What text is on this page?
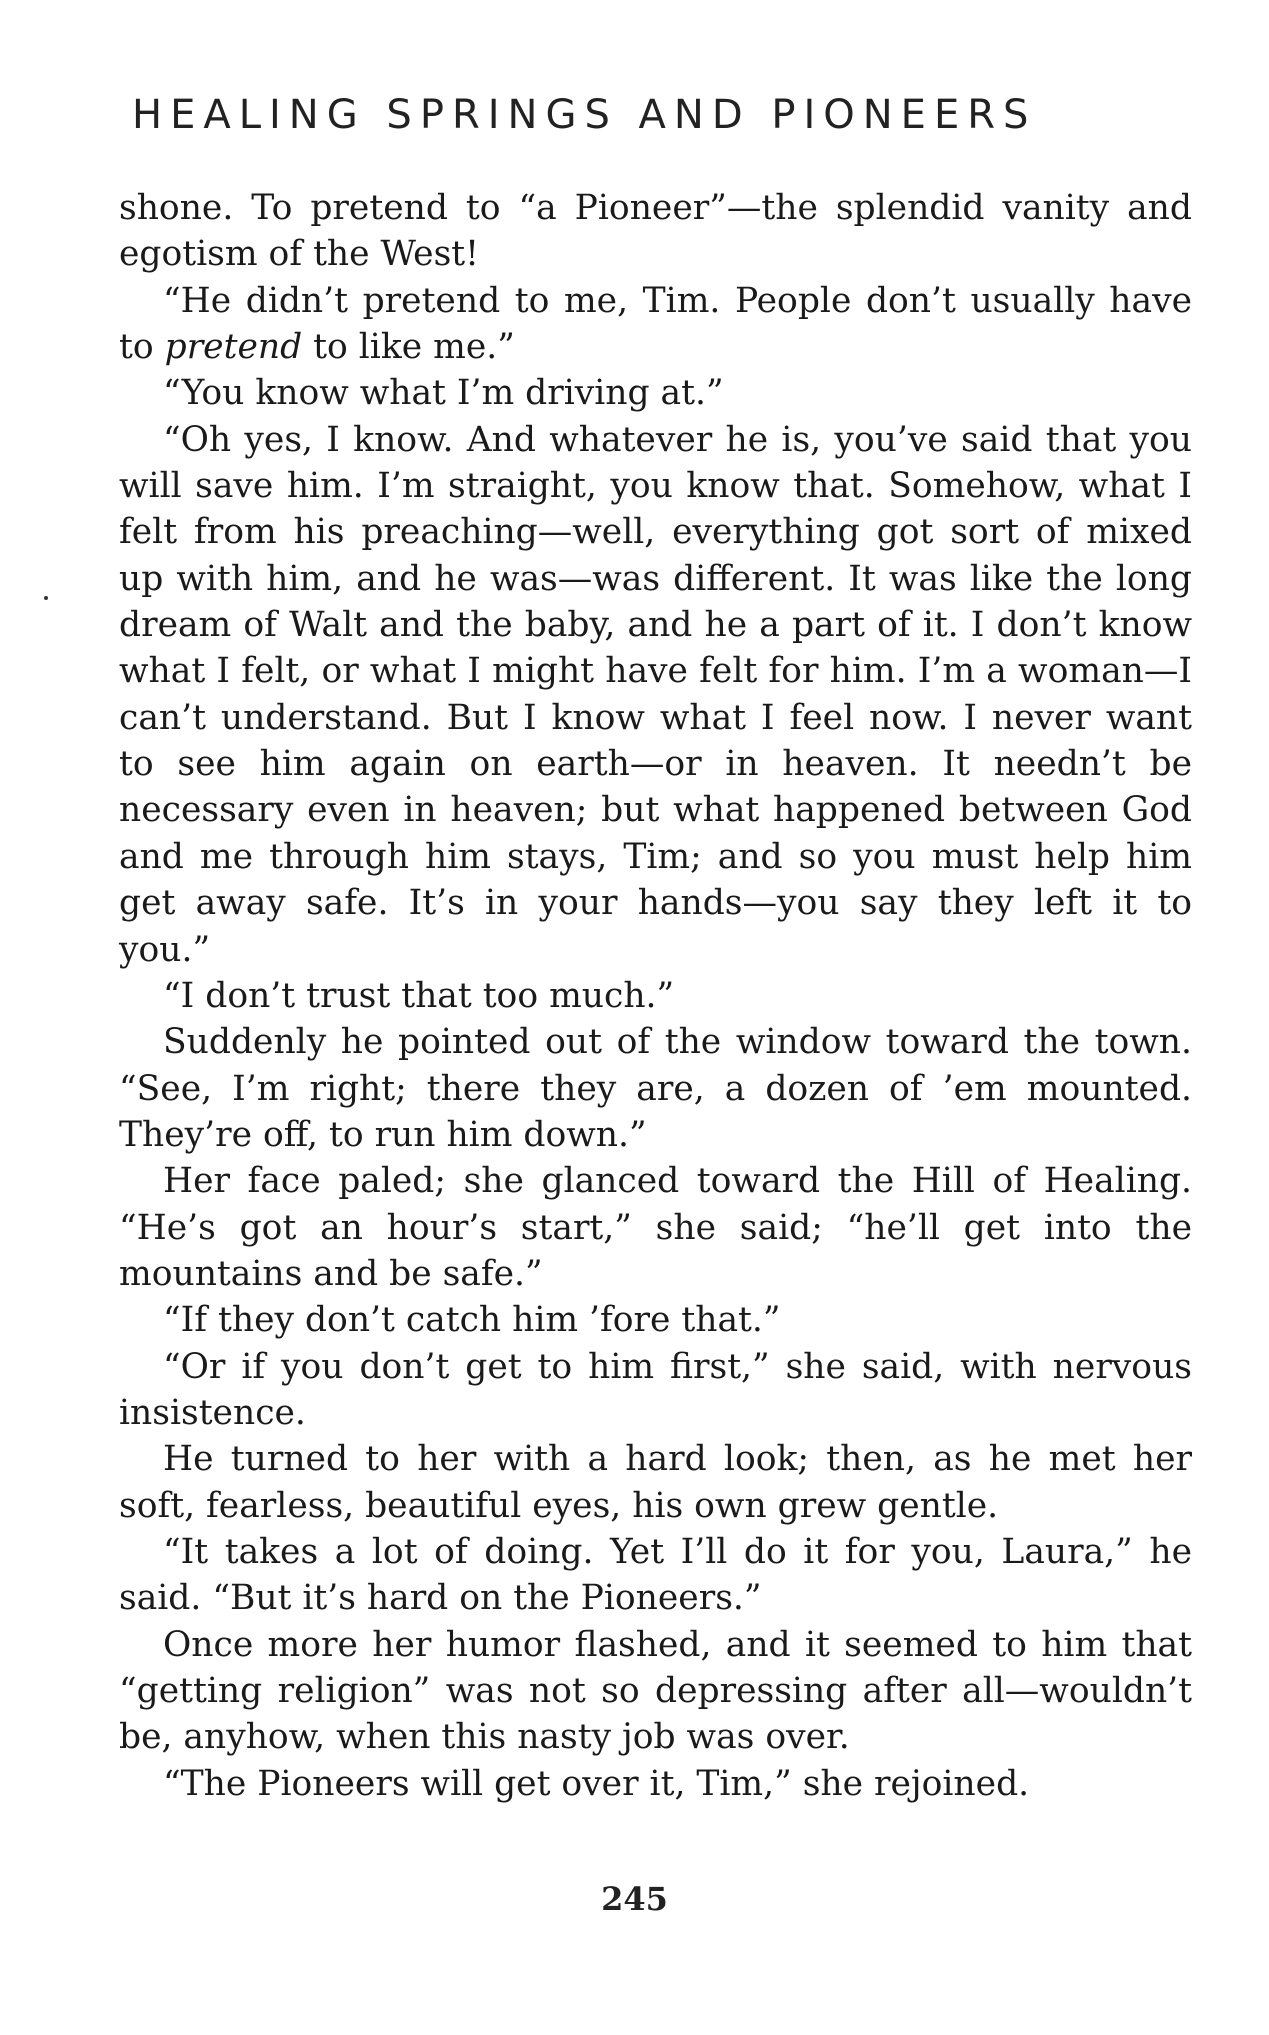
HEALING SPRINGS AND PIONEERS

shone. To pretend to “a Pioneer”—the splendid vanity and egotism of the West!

“He didn’t pretend to me, Tim. People don’t usually have to pretend to like me.”

“You know what I’m driving at.”

“Oh yes, I know. And whatever he is, you’ve said that you will save him. I’m straight, you know that. Somehow, what I felt from his preaching—well, everything got sort of mixed up with him, and he was—was different. It was like the long dream of Walt and the baby, and he a part of it. I don’t know what I felt, or what I might have felt for him. I’m a woman—I can’t understand. But I know what I feel now. I never want to see him again on earth—or in heaven. It needn’t be necessary even in heaven; but what happened between God and me through him stays, Tim; and so you must help him get away safe. It’s in your hands—you say they left it to you.”

“I don’t trust that too much.”

Suddenly he pointed out of the window toward the town. “See, I’m right; there they are, a dozen of ’em mounted. They’re off, to run him down.”

Her face paled; she glanced toward the Hill of Healing. “He’s got an hour’s start,” she said; “he’ll get into the mountains and be safe.”

“If they don’t catch him ’fore that.”

“Or if you don’t get to him first,” she said, with nervous insistence.

He turned to her with a hard look; then, as he met her soft, fearless, beautiful eyes, his own grew gentle.

“It takes a lot of doing. Yet I’ll do it for you, Laura,” he said. “But it’s hard on the Pioneers.”

Once more her humor flashed, and it seemed to him that “getting religion” was not so depressing after all—wouldn’t be, anyhow, when this nasty job was over.

“The Pioneers will get over it, Tim,” she rejoined.

245
